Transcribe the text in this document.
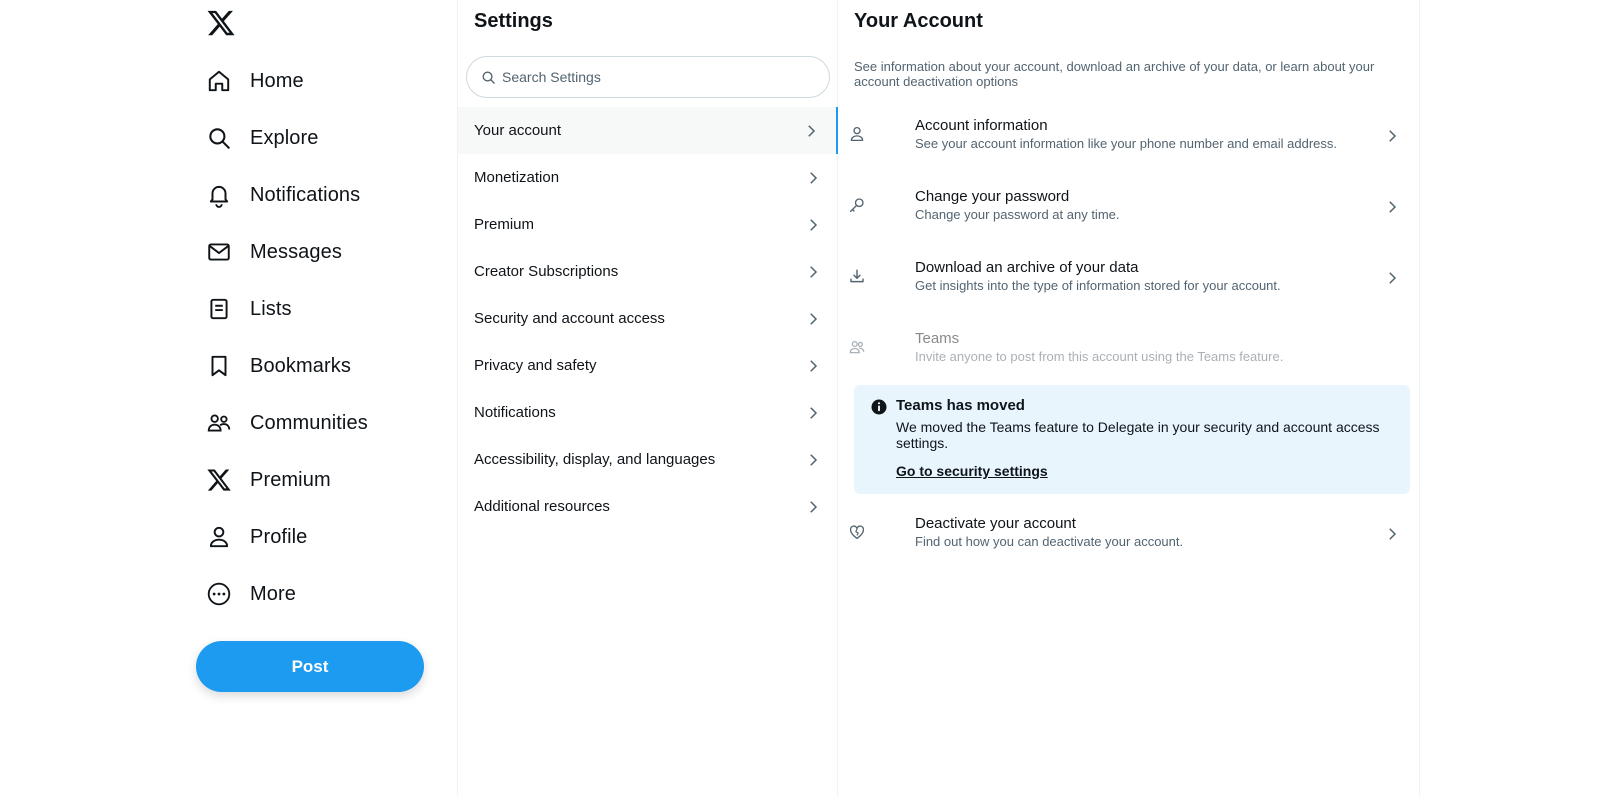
Home
Explore
Notifications
Messages
Lists
Bookmarks
Communities
Premium
Profile
More
Post
Settings
Search Settings
Your account
Monetization
Premium
Creator Subscriptions
Security and account access
Privacy and safety
Notifications
Accessibility, display, and languages
Additional resources
Your Account
See information about your account, download an archive of your data, or learn about your account deactivation options
Account information
See your account information like your phone number and email address.
Change your password
Change your password at any time.
Download an archive of your data
Get insights into the type of information stored for your account.
Teams
Invite anyone to post from this account using the Teams feature.
Teams has moved
We moved the Teams feature to Delegate in your security and account access settings.
Go to security settings
Deactivate your account
Find out how you can deactivate your account.
